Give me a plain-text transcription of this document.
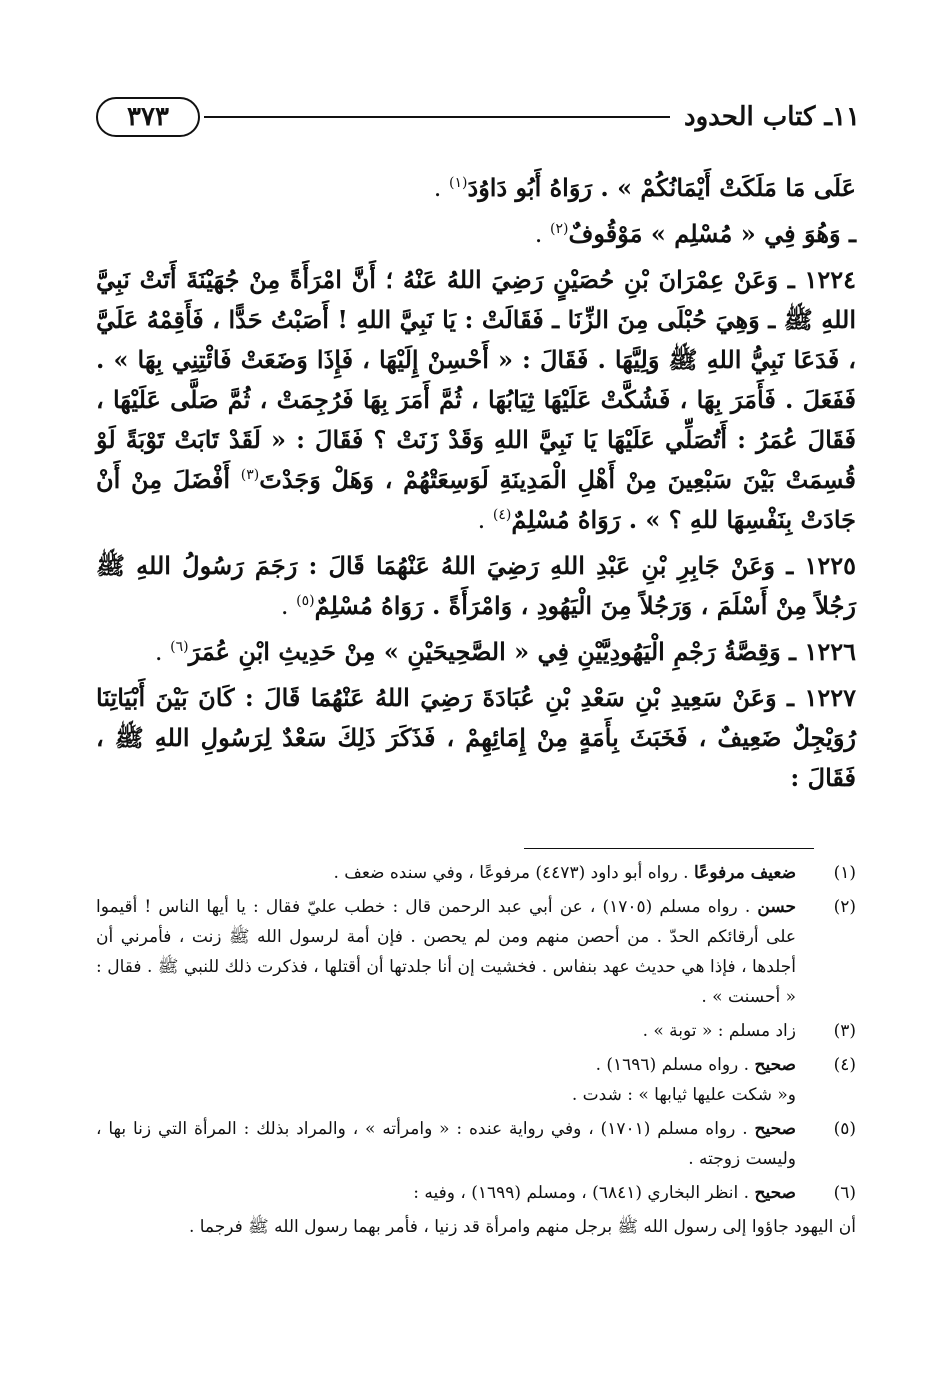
١١ـ كتاب الحدود
٣٧٣

عَلَى مَا مَلَكَتْ أَيْمَانُكُمْ » . رَوَاهُ أَبُو دَاوُدَ$^{(١)}$ .

ـ وَهُوَ فِي « مُسْلِم » مَوْقُوفٌ$^{(٢)}$ .

١٢٢٤ ـ وَعَنْ عِمْرَانَ بْنِ حُصَيْنٍ رَضِيَ اللهُ عَنْهُ ؛ أَنَّ امْرَأَةً مِنْ جُهَيْنَةَ أَتَتْ نَبِيَّ اللهِ ﷺ ـ وَهِيَ حُبْلَى مِنَ الزِّنَا ـ فَقَالَتْ : يَا نَبِيَّ اللهِ ! أَصَبْتُ حَدًّا ، فَأَقِمْهُ عَلَيَّ ، فَدَعَا نَبِيُّ اللهِ ﷺ وَلِيَّهَا . فَقَالَ : « أَحْسِنْ إِلَيْهَا ، فَإِذَا وَضَعَتْ فَائْتِنِي بِهَا » . فَفَعَلَ . فَأَمَرَ بِهَا ، فَشُكَّتْ عَلَيْهَا ثِيَابُهَا ، ثُمَّ أَمَرَ بِهَا فَرُجِمَتْ ، ثُمَّ صَلَّى عَلَيْهَا ، فَقَالَ عُمَرُ : أَتُصَلِّي عَلَيْهَا يَا نَبِيَّ اللهِ وَقَدْ زَنَتْ ؟ فَقَالَ : « لَقَدْ تَابَتْ تَوْبَةً لَوْ قُسِمَتْ بَيْنَ سَبْعِينَ مِنْ أَهْلِ الْمَدِينَةِ لَوَسِعَتْهُمْ ، وَهَلْ وَجَدْتَ$^{(٣)}$ أَفْضَلَ مِنْ أَنْ جَادَتْ بِنَفْسِهَا للهِ ؟ » . رَوَاهُ مُسْلِمٌ$^{(٤)}$ .

١٢٢٥ ـ وَعَنْ جَابِرِ بْنِ عَبْدِ اللهِ رَضِيَ اللهُ عَنْهُمَا قَالَ : رَجَمَ رَسُولُ اللهِ ﷺ رَجُلاً مِنْ أَسْلَمَ ، وَرَجُلاً مِنَ الْيَهُودِ ، وَامْرَأَةً . رَوَاهُ مُسْلِمٌ$^{(٥)}$ .

١٢٢٦ ـ وَقِصَّةُ رَجْمِ الْيَهُودِيَّيْنِ فِي « الصَّحِيحَيْنِ » مِنْ حَدِيثِ ابْنِ عُمَرَ$^{(٦)}$ .

١٢٢٧ ـ وَعَنْ سَعِيدِ بْنِ سَعْدِ بْنِ عُبَادَةَ رَضِيَ اللهُ عَنْهُمَا قَالَ : كَانَ بَيْنَ أَبْيَاتِنَا رُوَيْجِلٌ ضَعِيفٌ ، فَخَبَثَ بِأَمَةٍ مِنْ إِمَائِهِمْ ، فَذَكَرَ ذَلِكَ سَعْدٌ لِرَسُولِ اللهِ ﷺ ، فَقَالَ :

(١)
ضعيف مرفوعًا . رواه أبو داود (٤٤٧٣) مرفوعًا ، وفي سنده ضعف .
(٢)
حسن . رواه مسلم (١٧٠٥) ، عن أبي عبد الرحمن قال : خطب عليّ فقال : يا أيها الناس ! أقيموا على أرقائكم الحدّ . من أحصن منهم ومن لم يحصن . فإن أمة لرسول الله ﷺ زنت ، فأمرني أن أجلدها ، فإذا هي حديث عهد بنفاس . فخشيت إن أنا جلدتها أن أقتلها ، فذكرت ذلك للنبي ﷺ . فقال : « أحسنت » .
(٣)
زاد مسلم : « توبة » .
(٤)
صحيح . رواه مسلم (١٦٩٦) .
و« شكت عليها ثيابها » : شدت .
(٥)
صحيح . رواه مسلم (١٧٠١) ، وفي رواية عنده : « وامرأته » ، والمراد بذلك : المرأة التي زنا بها ، وليست زوجته .
(٦)
صحيح . انظر البخاري (٦٨٤١) ، ومسلم (١٦٩٩) ، وفيه :
أن اليهود جاؤوا إلى رسول الله ﷺ برجل منهم وامرأة قد زنيا ، فأمر بهما رسول الله ﷺ فرجما .
